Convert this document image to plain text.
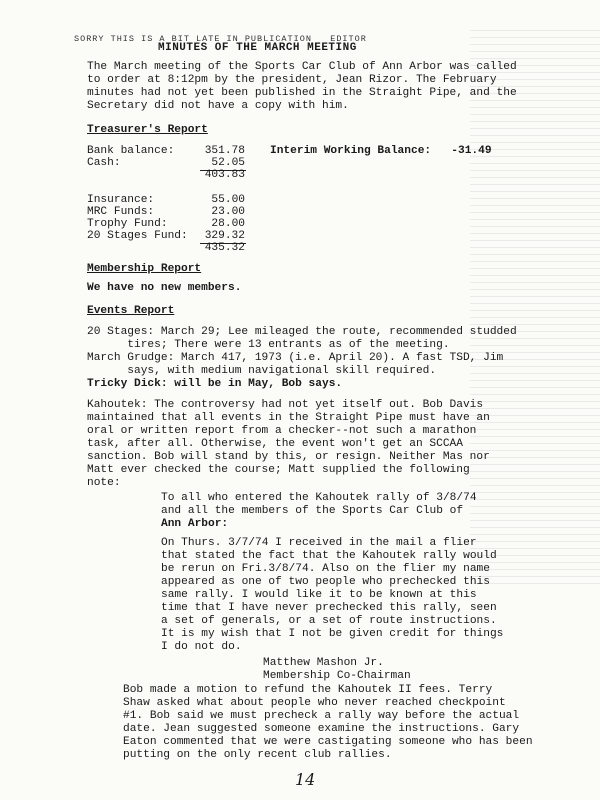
SORRY THIS IS A BIT LATE IN PUBLICATION   EDITOR
MINUTES OF THE MARCH MEETING
The March meeting of the Sports Car Club of Ann Arbor was called
to order at 8:12pm by the president, Jean Rizor. The February
minutes had not yet been published in the Straight Pipe, and the
Secretary did not have a copy with him.
Treasurer's Report
Bank balance:	351.78 Interim Working Balance:   -31.49
Cash:	52.05
403.83
Insurance:	55.00
MRC Funds:	23.00
Trophy Fund:	28.00
20 Stages Fund:	329.32
435.32
Membership Report
We have no new members.
Events Report
20 Stages: March 29; Lee mileaged the route, recommended studded
tires; There were 13 entrants as of the meeting.
March Grudge: March 417, 1973 (i.e. April 20). A fast TSD, Jim
says, with medium navigational skill required.
Tricky Dick: will be in May, Bob says.
Kahoutek: The controversy had not yet itself out. Bob Davis
maintained that all events in the Straight Pipe must have an
oral or written report from a checker--not such a marathon
task, after all. Otherwise, the event won't get an SCCAA
sanction. Bob will stand by this, or resign. Neither Mas nor
Matt ever checked the course; Matt supplied the following
note:
To all who entered the Kahoutek rally of 3/8/74
and all the members of the Sports Car Club of
Ann Arbor:
On Thurs. 3/7/74 I received in the mail a flier
that stated the fact that the Kahoutek rally would
be rerun on Fri.3/8/74. Also on the flier my name
appeared as one of two people who prechecked this
same rally. I would like it to be known at this
time that I have never prechecked this rally, seen
a set of generals, or a set of route instructions.
It is my wish that I not be given credit for things
I do not do.
Matthew Mashon Jr.
Membership Co-Chairman
Bob made a motion to refund the Kahoutek II fees. Terry
Shaw asked what about people who never reached checkpoint
#1. Bob said we must precheck a rally way before the actual
date. Jean suggested someone examine the instructions. Gary
Eaton commented that we were castigating someone who has been
putting on the only recent club rallies.
14
